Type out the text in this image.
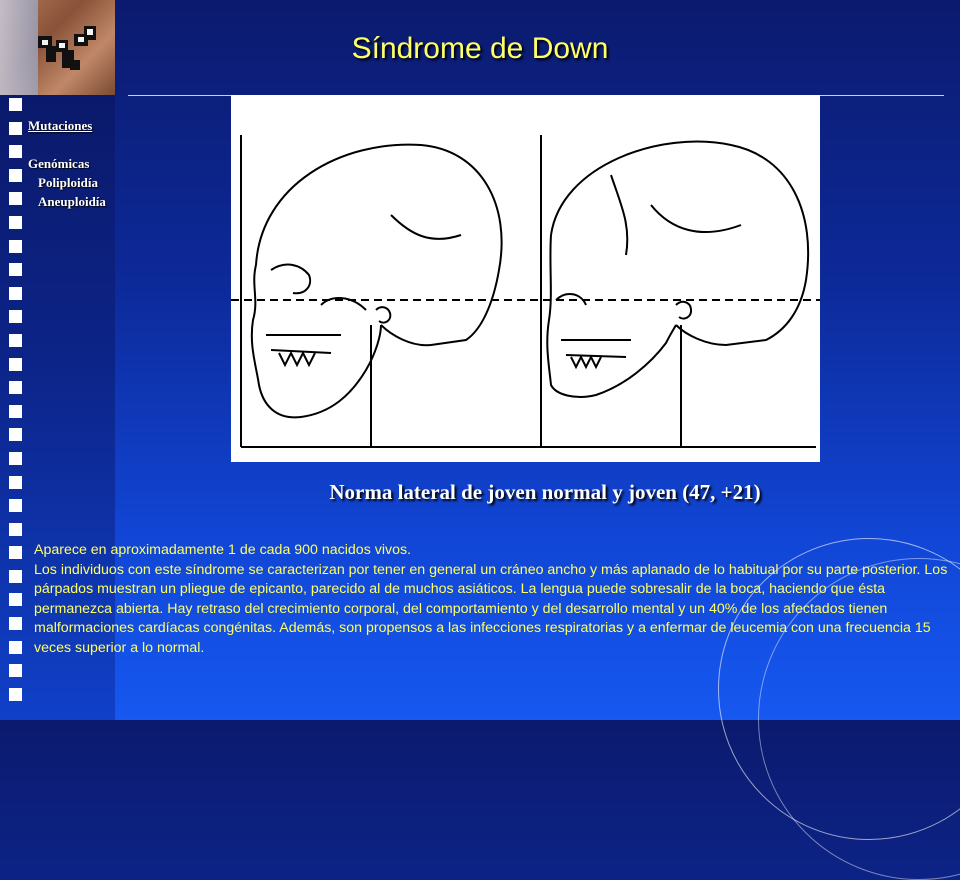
Síndrome de Down
Mutaciones
Genómicas
Poliploidía
Aneuploidía
Norma lateral de joven normal y joven (47, +21)
Aparece en aproximadamente 1 de cada 900 nacidos vivos.
Los individuos con este síndrome se caracterizan por tener en general un cráneo ancho y más aplanado de lo habitual por su parte posterior. Los párpados muestran un pliegue de epicanto, parecido al de muchos asiáticos. La lengua puede sobresalir de la boca, haciendo que ésta permanezca abierta. Hay retraso del crecimiento corporal, del comportamiento y del desarrollo mental y un 40% de los afectados tienen malformaciones cardíacas congénitas. Además, son propensos a las infecciones respiratorias y a enfermar de leucemia con una frecuencia 15 veces superior a lo normal.
